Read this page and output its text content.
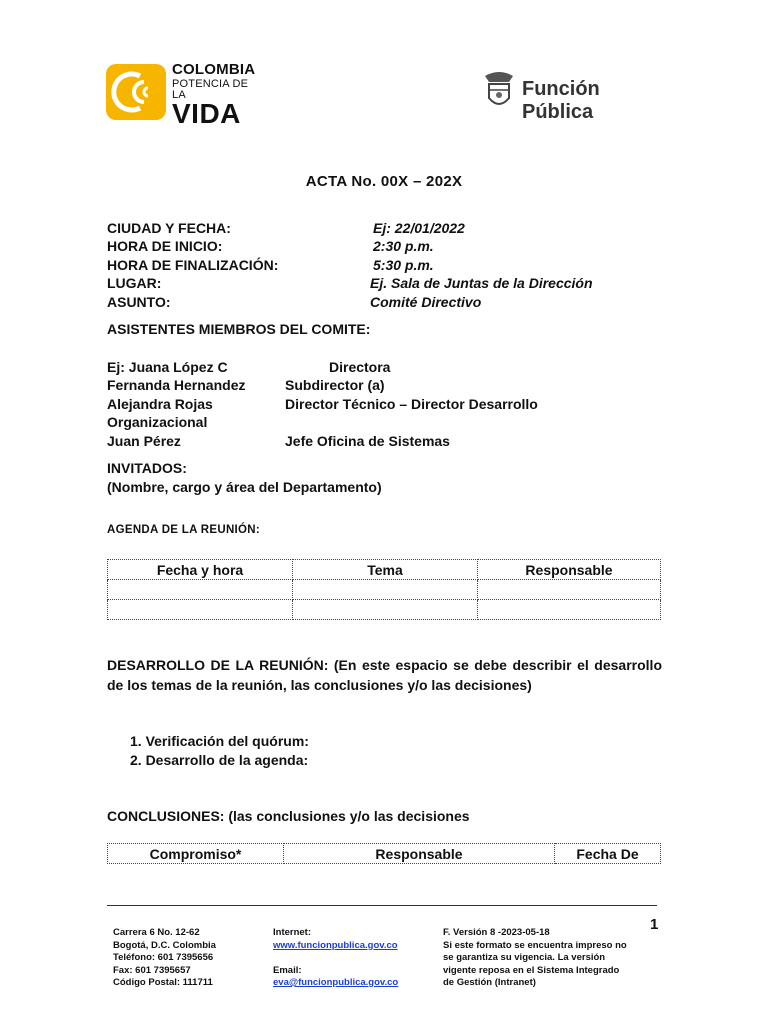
COLOMBIA
POTENCIA DE LA
VIDA
Función Pública
ACTA No. 00X – 202X
CIUDAD Y FECHA:	Ej: 22/01/2022
HORA DE INICIO:	2:30 p.m.
HORA DE FINALIZACIÓN:	5:30 p.m.
LUGAR:	Ej. Sala de Juntas de la Dirección
ASUNTO:	Comité Directivo
ASISTENTES MIEMBROS DEL COMITE:
Ej: Juana López C	Directora
Fernanda Hernandez	Subdirector (a)
Alejandra Rojas	Director Técnico – Director Desarrollo
Organizacional
Juan Pérez	Jefe Oficina de Sistemas
INVITADOS:
(Nombre, cargo y área del Departamento)
AGENDA DE LA REUNIÓN:
Fecha y hora	Tema	Responsable

DESARROLLO DE LA REUNIÓN: (En este espacio se debe describir el desarrollo de los temas de la reunión, las conclusiones y/o las decisiones)
1. Verificación del quórum:
2. Desarrollo de la agenda:
CONCLUSIONES: (las conclusiones y/o las decisiones
Compromiso*	Responsable	Fecha De
1
Carrera 6 No. 12-62
Bogotá, D.C. Colombia
Teléfono: 601 7395656
Fax: 601 7395657
Código Postal: 111711
Internet:
www.funcionpublica.gov.co

Email:
eva@funcionpublica.gov.co
F. Versión 8 -2023-05-18
Si este formato se encuentra impreso no
se garantiza su vigencia. La versión
vigente reposa en el Sistema Integrado
de Gestión (Intranet)
